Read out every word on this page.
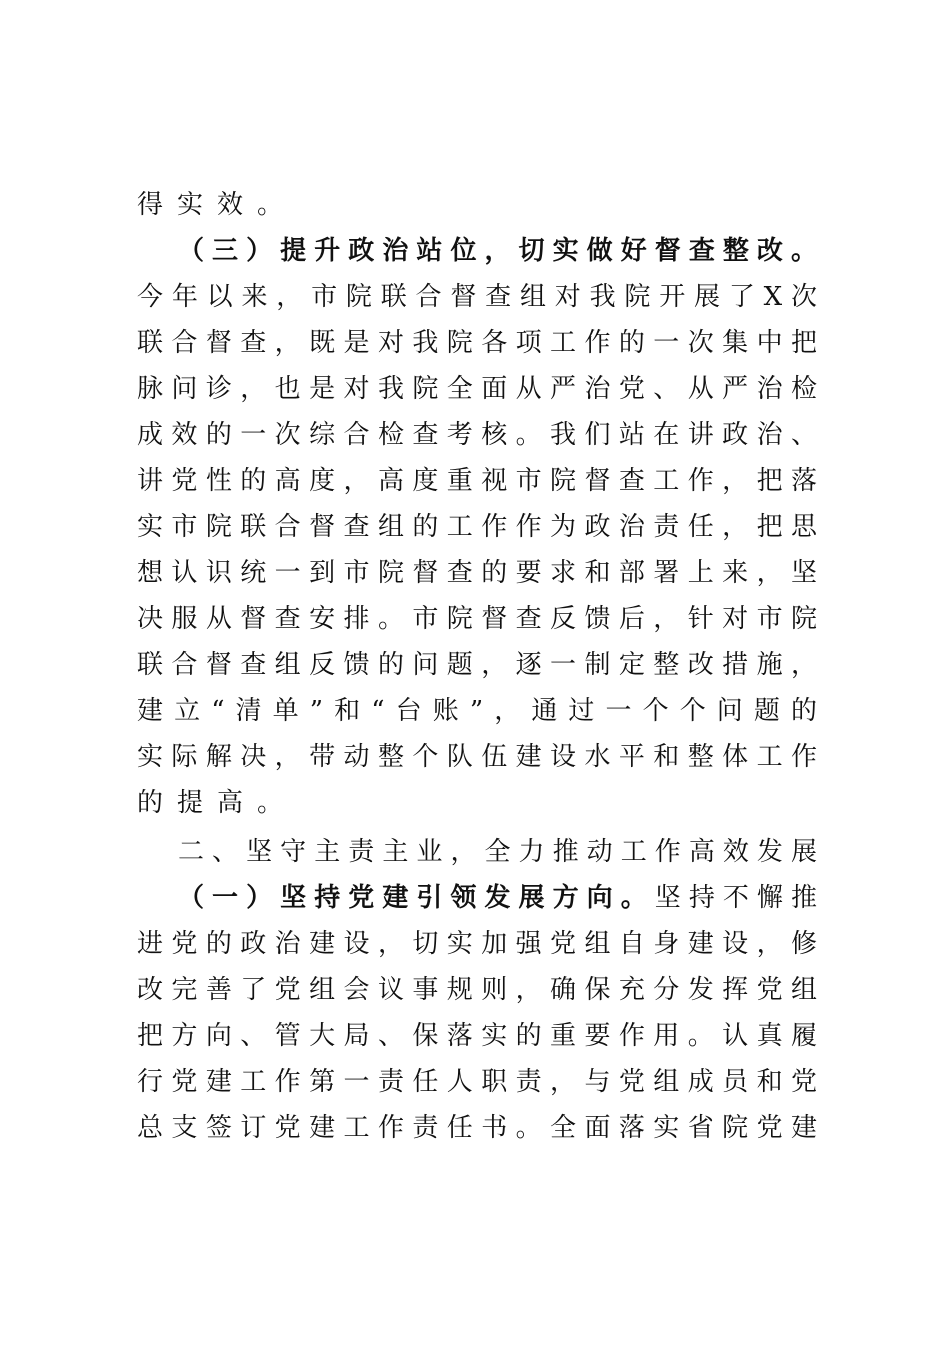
得实效。
（三）提升政治站位，切实做好督查整改。
今年以来，市院联合督查组对我院开展了X次
联合督查，既是对我院各项工作的一次集中把
脉问诊，也是对我院全面从严治党、从严治检
成效的一次综合检查考核。我们站在讲政治、
讲党性的高度，高度重视市院督查工作，把落
实市院联合督查组的工作作为政治责任，把思
想认识统一到市院督查的要求和部署上来，坚
决服从督查安排。市院督查反馈后，针对市院
联合督查组反馈的问题，逐一制定整改措施，
建立“清单”和“台账”，通过一个个问题的
实际解决，带动整个队伍建设水平和整体工作
的提高。
二、坚守主责主业，全力推动工作高效发展
（一）坚持党建引领发展方向。坚持不懈推
进党的政治建设，切实加强党组自身建设，修
改完善了党组会议事规则，确保充分发挥党组
把方向、管大局、保落实的重要作用。认真履
行党建工作第一责任人职责，与党组成员和党
总支签订党建工作责任书。全面落实省院党建
